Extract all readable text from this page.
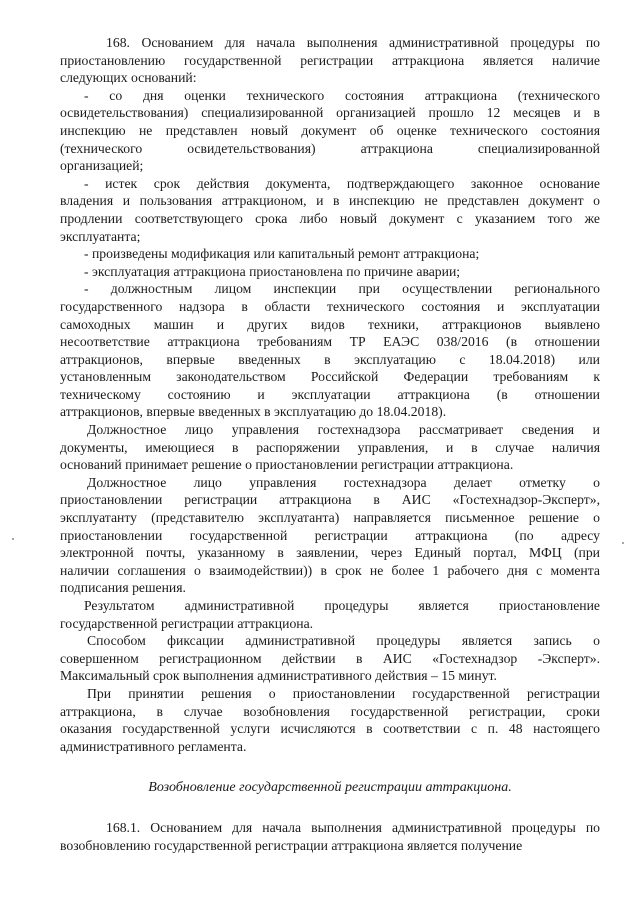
168. Основанием для начала выполнения административной процедуры по
приостановлению государственной регистрации аттракциона является наличие
следующих оснований:
- со дня оценки технического состояния аттракциона (технического
освидетельствования) специализированной организацией прошло 12 месяцев и в
инспекцию не представлен новый документ об оценке технического состояния
(технического освидетельствования) аттракциона специализированной
организацией;
- истек срок действия документа, подтверждающего законное основание
владения и пользования аттракционом, и в инспекцию не представлен документ о
продлении соответствующего срока либо новый документ с указанием того же
эксплуатанта;
- произведены модификация или капитальный ремонт аттракциона;
- эксплуатация аттракциона приостановлена по причине аварии;
- должностным лицом инспекции при осуществлении регионального
государственного надзора в области технического состояния и эксплуатации
самоходных машин и других видов техники, аттракционов выявлено
несоответствие аттракциона требованиям ТР ЕАЭС 038/2016 (в отношении
аттракционов, впервые введенных в эксплуатацию с 18.04.2018) или
установленным законодательством Российской Федерации требованиям к
техническому состоянию и эксплуатации аттракциона (в отношении
аттракционов, впервые введенных в эксплуатацию до 18.04.2018).
Должностное лицо управления гостехнадзора рассматривает сведения и
документы, имеющиеся в распоряжении управления, и в случае наличия
оснований принимает решение о приостановлении регистрации аттракциона.
Должностное лицо управления гостехнадзора делает отметку о
приостановлении регистрации аттракциона в АИС «Гостехнадзор-Эксперт»,
эксплуатанту (представителю эксплуатанта) направляется письменное решение о
приостановлении государственной регистрации аттракциона (по адресу
электронной почты, указанному в заявлении, через Единый портал, МФЦ (при
наличии соглашения о взаимодействии)) в срок не более 1 рабочего дня с момента
подписания решения.
Результатом административной процедуры является приостановление
государственной регистрации аттракциона.
Способом фиксации административной процедуры является запись о
совершенном регистрационном действии в АИС «Гостехнадзор -Эксперт».
Максимальный срок выполнения административного действия – 15 минут.
При принятии решения о приостановлении государственной регистрации
аттракциона, в случае возобновления государственной регистрации, сроки
оказания государственной услуги исчисляются в соответствии с п. 48 настоящего
административного регламента.
Возобновление государственной регистрации аттракциона.
168.1. Основанием для начала выполнения административной процедуры по
возобновлению государственной регистрации аттракциона является получение
